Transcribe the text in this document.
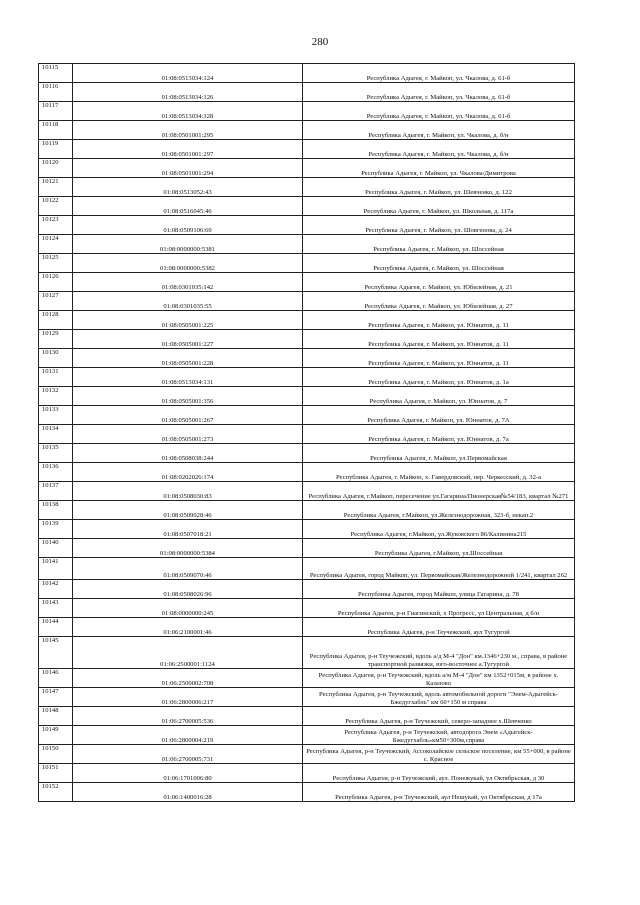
280
10115	01:08:0513034:124	Республика Адыгея, г. Майкоп, ул. Чкалова, д. 61-б
10116	01:08:0513034:126	Республика Адыгея, г. Майкоп, ул. Чкалова, д. 61-б
10117	01:08:0513034:128	Республика Адыгея, г. Майкоп, ул. Чкалова, д. 61-б
10118	01:08:0501001:295	Республика Адыгея, г. Майкоп, ул. Чкалова, д. б/н
10119	01:08:0501001:297	Республика Адыгея, г. Майкоп, ул. Чкалова, д. б/н
10120	01:08:0501001:294	Республика Адыгея, г. Майкоп, ул. Чкалова/Димитрова
10121	01:08:0513052:43	Республика Адыгея, г. Майкоп, ул. Шевченко, д. 122
10122	01:08:0516045:46	Республика Адыгея, г. Майкоп, ул. Школьная, д. 117а
10123	01:08:0509106:69	Республика Адыгея, г. Майкоп, ул. Шовгенова, д. 24
10124	01:08:0000000:5381	Республика Адыгея, г. Майкоп, ул. Шоссейная
10125	01:08:0000000:5382	Республика Адыгея, г. Майкоп, ул. Шоссейная
10126	01:08:0301035:142	Республика Адыгея, г. Майкоп, ул. Юбилейная, д. 21
10127	01:08:0301035:55	Республика Адыгея, г. Майкоп, ул. Юбилейная, д. 27
10128	01:08:0505001:225	Республика Адыгея, г. Майкоп, ул. Юннатов, д. 11
10129	01:08:0505001:227	Республика Адыгея, г. Майкоп, ул. Юннатов, д. 11
10130	01:08:0505001:228	Республика Адыгея, г. Майкоп, ул. Юннатов, д. 11
10131	01:08:0513034:131	Республика Адыгея, г. Майкоп, ул. Юннатов, д. 1а
10132	01:08:0505001:356	Республика Адыгея, г. Майкоп, ул. Юннатов, д. 7
10133	01:08:0505001:267	Республика Адыгея, г. Майкоп, ул. Юннатов, д. 7А
10134	01:08:0505001:273	Республика Адыгея, г. Майкоп, ул. Юннатов, д. 7а
10135	01:08:0508038:244	Республика Адыгея, г. Майкоп, ул.Первомайская
10136	01:08:0202026:174	Республика Адыгея, г. Майкоп, х. Гавердовский, пер. Черкесский, д. 32-а
10137	01:08:0508030:83	Республика Адыгея, г.Майкоп, пересечение ул.Гагарина/Пионерская№54/183, квартал №271
10138	01:08:0509028:46	Республика Адыгея, г.Майкоп, ул.Железнодорожная, 323-б, некап.2
10139	01:08:0507018:21	Республика Адыгея, г.Майкоп, ул.Жуковского 86/Калинина215
10140	01:08:0000000:5384	Республика Адыгея, г.Майкоп, ул.Шоссейная
10141	01:08:0509070:46	Республика Адыгея, город Майкоп, ул. Первомайская/Железнодорожной 1/241, квартал 262
10142	01:08:0508026:96	Республика Адыгея, город Майкоп, улица Гагарина, д. 78
10143	01:08:0000000:245	Республика Адыгея, р-н Гиагинский, х Прогресс, ул Центральная, д б/н
10144	01:06:2100001:46	Республика Адыгея, р-н Теучежский, аул Тугургой
10145	01:06:2500001:1124	Республика Адыгея, р-н Теучежский, вдоль а/д М-4 "Дон" км.1346+230 м., справа, в районе транспортной развязки, юго-восточнее а.Тугургой
10146	01:06:2500002:708	Республика Адыгея, р-н Теучежский, вдоль а/м М-4 "Дон" км 1352+015м, в районе х. Казазово
10147	01:06:2800006:217	Республика Адыгея, р-н Теучежский, вдоль автомобильной дороги "Энем-Адыгейск-Бжедугхабль" км 60+150 м справа
10148	01:06:2700005:536	Республика Адыгея, р-н Теучежский, северо-западнее х.Шевченко
10149	01:06:2800004:219	Республика Адыгея, р-н Теучежский, автодорога Энем «Адыгейск-Бжедугхабль»км50+300м,справа
10150	01:06:2700005:731	Республика Адыгея, р-н Теучежский, Ассоколайское сельское поселение, км 55+000, в районе с. Красное
10151	01:06:1701006:80	Республика Адыгея, р-н Теучежский, аул. Понежукай, ул Октябрьская, д 30
10152	01:06:1400016:28	Республика Адыгея, р-н Теучежский, аул Нешукай, ул Октябрьская, д 17а
